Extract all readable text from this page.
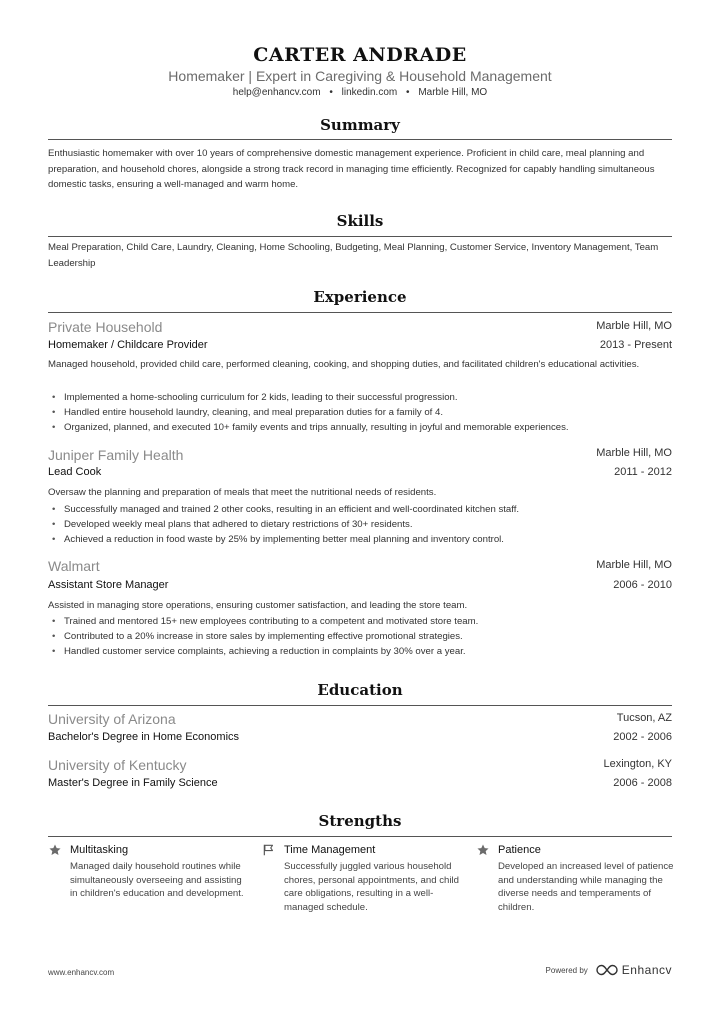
CARTER ANDRADE
Homemaker | Expert in Caregiving & Household Management
help@enhancv.com • linkedin.com • Marble Hill, MO
Summary
Enthusiastic homemaker with over 10 years of comprehensive domestic management experience. Proficient in child care, meal planning and preparation, and household chores, alongside a strong track record in managing time efficiently. Recognized for capably handling simultaneous domestic tasks, ensuring a well-managed and warm home.
Skills
Meal Preparation, Child Care, Laundry, Cleaning, Home Schooling, Budgeting, Meal Planning, Customer Service, Inventory Management, Team Leadership
Experience
Private Household	Marble Hill, MO
Homemaker / Childcare Provider	2013 - Present
Managed household, provided child care, performed cleaning, cooking, and shopping duties, and facilitated children's educational activities.
• Implemented a home-schooling curriculum for 2 kids, leading to their successful progression.
• Handled entire household laundry, cleaning, and meal preparation duties for a family of 4.
• Organized, planned, and executed 10+ family events and trips annually, resulting in joyful and memorable experiences.
Juniper Family Health	Marble Hill, MO
Lead Cook	2011 - 2012
Oversaw the planning and preparation of meals that meet the nutritional needs of residents.
• Successfully managed and trained 2 other cooks, resulting in an efficient and well-coordinated kitchen staff.
• Developed weekly meal plans that adhered to dietary restrictions of 30+ residents.
• Achieved a reduction in food waste by 25% by implementing better meal planning and inventory control.
Walmart	Marble Hill, MO
Assistant Store Manager	2006 - 2010
Assisted in managing store operations, ensuring customer satisfaction, and leading the store team.
• Trained and mentored 15+ new employees contributing to a competent and motivated store team.
• Contributed to a 20% increase in store sales by implementing effective promotional strategies.
• Handled customer service complaints, achieving a reduction in complaints by 30% over a year.
Education
University of Arizona	Tucson, AZ
Bachelor's Degree in Home Economics	2002 - 2006
University of Kentucky	Lexington, KY
Master's Degree in Family Science	2006 - 2008
Strengths
Multitasking
Managed daily household routines while simultaneously overseeing and assisting in children's education and development.
Time Management
Successfully juggled various household chores, personal appointments, and child care obligations, resulting in a well-managed schedule.
Patience
Developed an increased level of patience and understanding while managing the diverse needs and temperaments of children.
www.enhancv.com	Powered by	Enhancv
